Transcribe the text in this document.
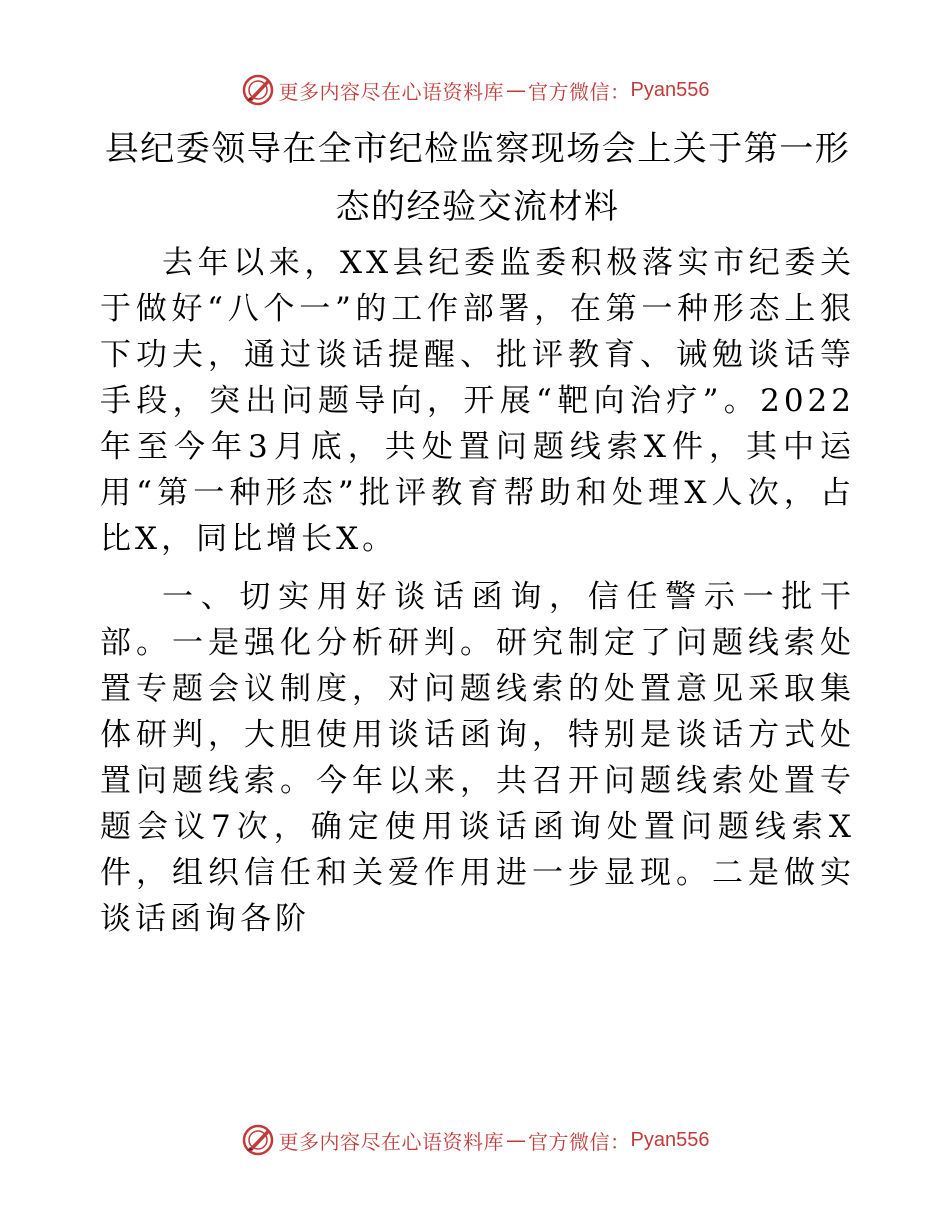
更多内容尽在心语资料库 — 官方微信： Pyan556
县纪委领导在全市纪检监察现场会上关于第一形态的经验交流材料

去年以来，XX县纪委监委积极落实市纪委关于做好“八个一”的工作部署，在第一种形态上狠下功夫，通过谈话提醒、批评教育、诫勉谈话等手段，突出问题导向，开展“靶向治疗”。2022年至今年3月底，共处置问题线索X件，其中运用“第一种形态”批评教育帮助和处理X人次，占比X，同比增长X。

一、切实用好谈话函询，信任警示一批干部。一是强化分析研判。研究制定了问题线索处置专题会议制度，对问题线索的处置意见采取集体研判，大胆使用谈话函询，特别是谈话方式处置问题线索。今年以来，共召开问题线索处置专题会议7次，确定使用谈话函询处置问题线索X件，组织信任和关爱作用进一步显现。二是做实谈话函询各阶

更多内容尽在心语资料库 — 官方微信： Pyan556
